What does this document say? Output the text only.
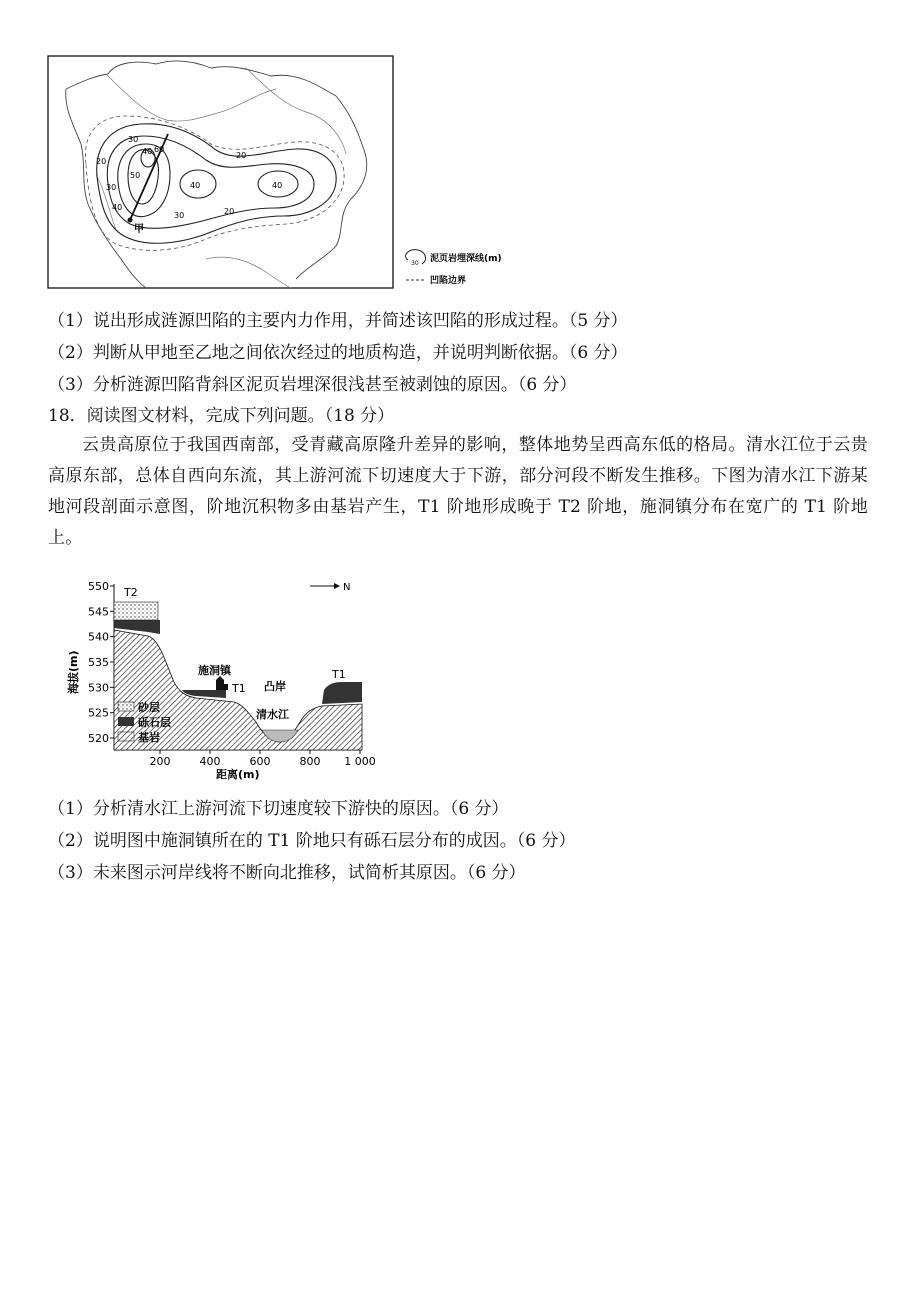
20
30
40
50
60
40	40
30	20
20
30
40
甲
30 泥页岩埋深线(m)
凹陷边界
（1）说出形成涟源凹陷的主要内力作用，并简述该凹陷的形成过程。（5 分）
（2）判断从甲地至乙地之间依次经过的地质构造，并说明判断依据。（6 分）
（3）分析涟源凹陷背斜区泥页岩埋深很浅甚至被剥蚀的原因。（6 分）
18．阅读图文材料，完成下列问题。（18 分）
云贵高原位于我国西南部，受青藏高原隆升差异的影响，整体地势呈西高东低的格局。清水江位于云贵高原东部，总体自西向东流，其上游河流下切速度大于下游，部分河段不断发生推移。下图为清水江下游某地河段剖面示意图，阶地沉积物多由基岩产生，T1 阶地形成晚于 T2 阶地，施洞镇分布在宽广的 T1 阶地上。
550
545
540
535
530
525
520
200	400	600	800 1 000
N
T2
施洞镇
T1 凸岸
清水江
T1
砂层
砾石层
基岩
海拔(m)
距离(m)
（1）分析清水江上游河流下切速度较下游快的原因。（6 分）
（2）说明图中施洞镇所在的 T1 阶地只有砾石层分布的成因。（6 分）
（3）未来图示河岸线将不断向北推移，试简析其原因。（6 分）
